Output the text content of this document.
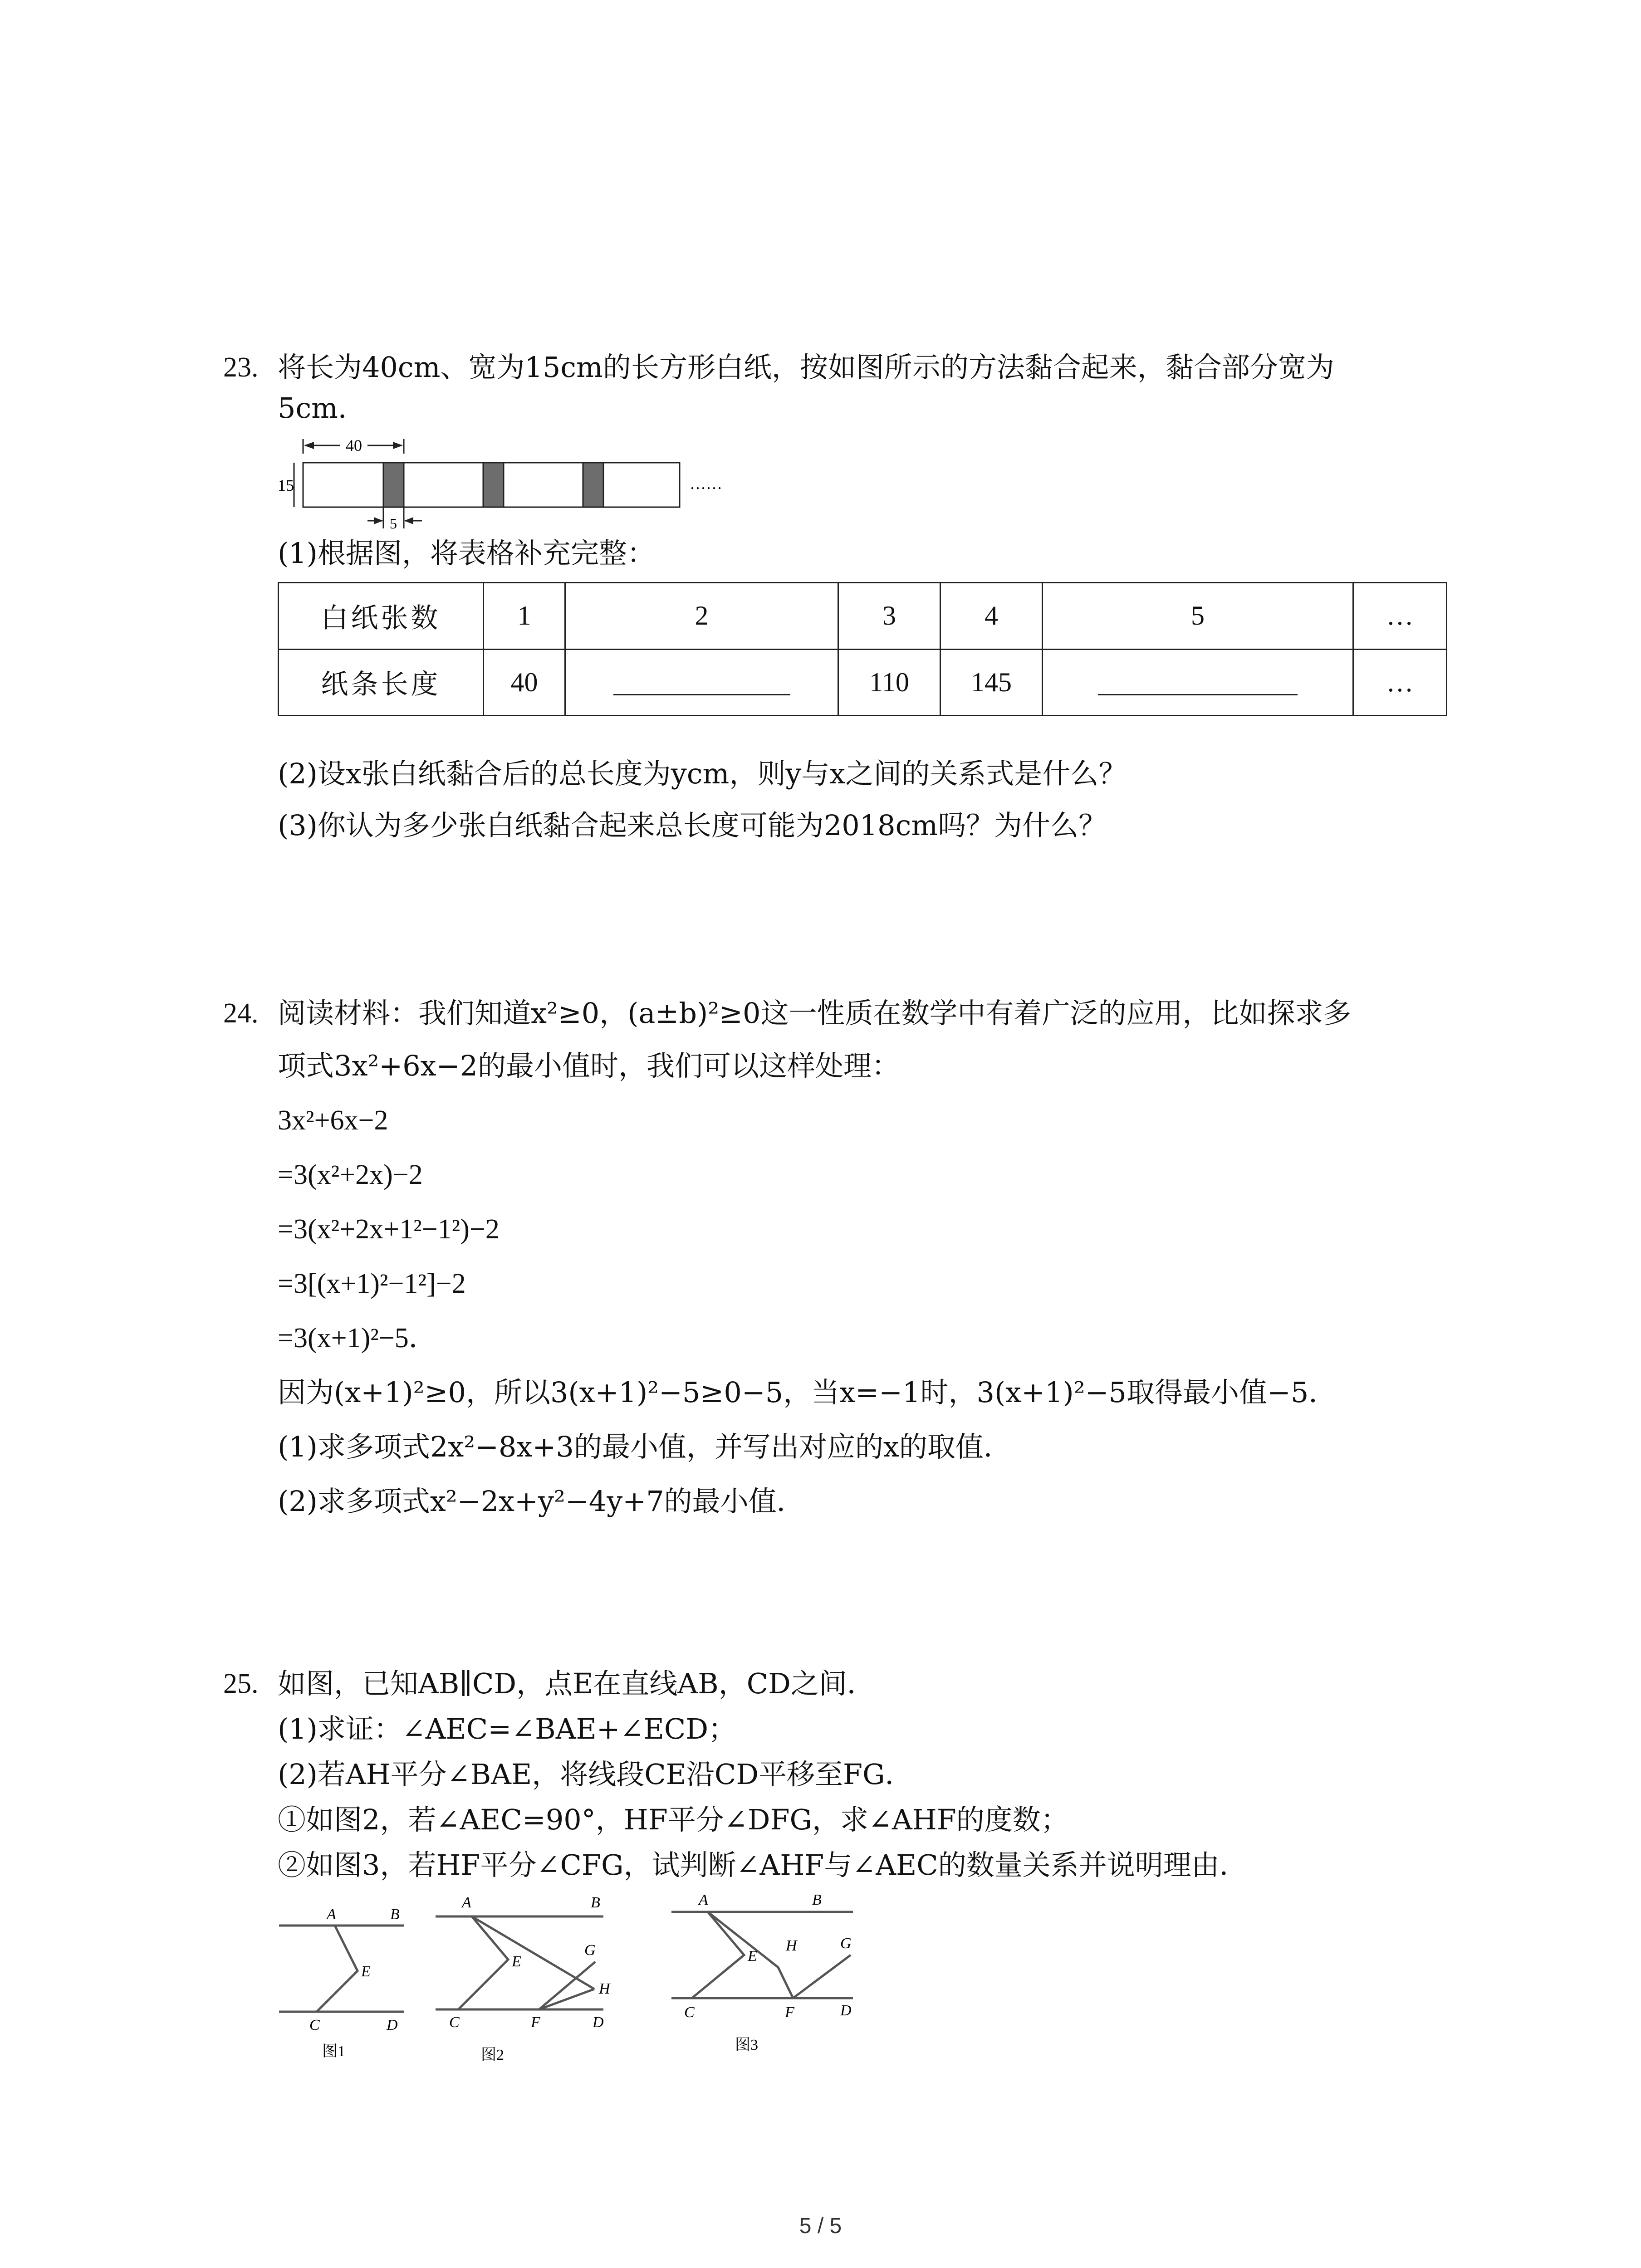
23. 将长为40cm、宽为15cm的长方形白纸，按如图所示的方法黏合起来，黏合部分宽为
5cm．
40
15	……
5
(1)根据图，将表格补充完整：
白纸张数	1	2	3	4	5	…
纸条长度	40		110	145		…
(2)设x张白纸黏合后的总长度为ycm，则y与x之间的关系式是什么？
(3)你认为多少张白纸黏合起来总长度可能为2018cm吗？为什么？
24. 阅读材料：我们知道x²≥0，(a±b)²≥0这一性质在数学中有着广泛的应用，比如探求多
项式3x²+6x−2的最小值时，我们可以这样处理：
3x²+6x−2
=3(x²+2x)−2
=3(x²+2x+1²−1²)−2
=3[(x+1)²−1²]−2
=3(x+1)²−5．
因为(x+1)²≥0，所以3(x+1)²−5≥0−5，当x=−1时，3(x+1)²−5取得最小值−5．
(1)求多项式2x²−8x+3的最小值，并写出对应的x的取值．
(2)求多项式x²−2x+y²−4y+7的最小值．
25. 如图，已知AB∥CD，点E在直线AB，CD之间．
(1)求证：∠AEC=∠BAE+∠ECD；
(2)若AH平分∠BAE，将线段CE沿CD平移至FG．
①如图2，若∠AEC=90°，HF平分∠DFG，求∠AHF的度数；
②如图3，若HF平分∠CFG，试判断∠AHF与∠AEC的数量关系并说明理由．
A	B
E
C	D
图1
A	B
E
G
H
C	F	D
图2
A	B
E
H	G
C	F	D
图3
5 / 5
